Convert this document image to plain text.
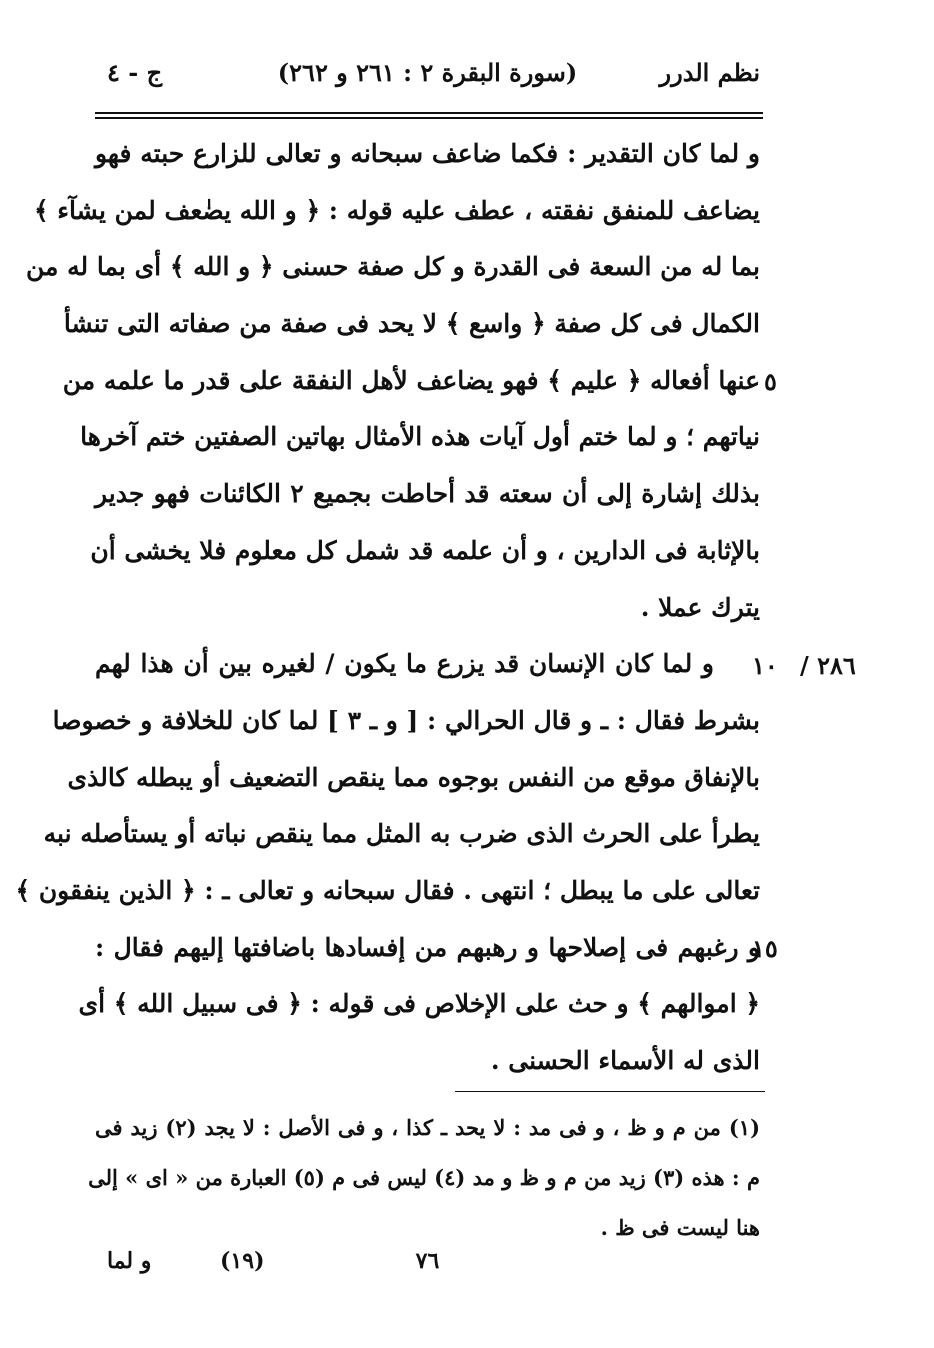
نظم الدرر
(سورة البقرة ٢ : ٢٦١ و ٢٦٢)
ج - ٤
و لما كان التقدير : فكما ضاعف سبحانه و تعالى للزارع حبته فهو
يضاعف للمنفق نفقته ، عطف عليه قوله : ﴿ و الله يضٰعف لمن يشآء ﴾
بما له من السعة فى القدرة و كل صفة حسنى ﴿ و الله ﴾ أى بما له من
الكمال فى كل صفة ﴿ واسع ﴾ لا يحد فى صفة من صفاته التى تنشأ
عنها أفعاله ﴿ عليم ﴾ فهو يضاعف لأهل النفقة على قدر ما علمه من
نياتهم ؛ و لما ختم أول آيات هذه الأمثال بهاتين الصفتين ختم آخرها
بذلك إشارة إلى أن سعته قد أحاطت بجميع ٢ الكائنات فهو جدير
بالإثابة فى الدارين ، و أن علمه قد شمل كل معلوم فلا يخشى أن
يترك عملا .
و لما كان الإنسان قد يزرع ما يكون / لغيره بين أن هذا لهم
بشرط فقال : ـ و قال الحرالي : [ و ـ ٣ ] لما كان للخلافة و خصوصا
بالإنفاق موقع من النفس بوجوه مما ينقص التضعيف أو يبطله كالذى
يطرأ على الحرث الذى ضرب به المثل مما ينقص نباته أو يستأصله نبه
تعالى على ما يبطل ؛ انتهى . فقال سبحانه و تعالى ـ : ﴿ الذين ينفقون ﴾
و رغبهم فى إصلاحها و رهبهم من إفسادها باضافتها إليهم فقال :
﴿ اموالهم ﴾ و حث على الإخلاص فى قوله : ﴿ فى سبيل الله ﴾ أى
الذى له الأسماء الحسنى .
٥
١٠ ٢٨٦ /
١٥
(١) من م و ظ ، و فى مد : لا يحد ـ كذا ، و فى الأصل : لا يجد (٢) زيد فى
م : هذه (٣) زيد من م و ظ و مد (٤) ليس فى م (٥) العبارة من « اى » إلى
هنا ليست فى ظ .
٧٦
(١٩)
و لما
